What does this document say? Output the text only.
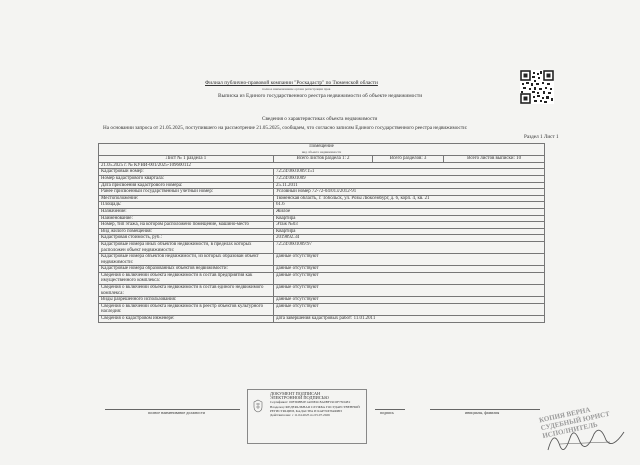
Филиал публично-правовой компании "Роскадастр" по Тюменской области
полное наименование органа регистрации прав
Выписка из Единого государственного реестра недвижимости об объекте недвижимости
Сведения о характеристиках объекта недвижимости
На основании запроса от 21.05.2025, поступившего на рассмотрение 21.05.2025, сообщаем, что согласно записям Единого государственного реестра недвижимости:
Раздел 1 Лист 1
Помещение
вид объекта недвижимости			

Лист № 1 раздела 1	Всего листов раздела 1: 2	Всего разделов: 3	Всего листов выписки: 10
21.05.2025 г. № КУВИ-001/2025-109600112			
Кадастровый номер:	72:24:0601009:151		
Номер кадастрового квартала:	72:24:0601009		
Дата присвоения кадастрового номера:	25.11.2011		
Ранее присвоенный государственный учетный номер:	Условный номер 72-72-04/013/2012-91		
Местоположение:	Тюменская область, г. Тобольск, ул. Розы Люксембург, д. 6, корп. 4, кв. 21		
Площадь:	61.6		
Назначение:	Жилое		
Наименование:	Квартира		
Номер, тип этажа, на котором расположено помещение, машино-место	Этаж №03		
Вид жилого помещения:	Квартира		
Кадастровая стоимость, руб.:	2019892.34		
Кадастровые номера иных объектов недвижимости, в пределах которых расположен объект недвижимости:	72:24:0601009:97		
Кадастровые номера объектов недвижимости, из которых образован объект недвижимости:	данные отсутствуют		
Кадастровые номера образованных объектов недвижимости:	данные отсутствуют		
Сведения о включении объекта недвижимости в состав предприятия как имущественного комплекса:	данные отсутствуют		
Сведения о включении объекта недвижимости в состав единого недвижимого комплекса:	данные отсутствуют		
Виды разрешенного использования:	данные отсутствуют		
Сведения о включении объекта недвижимости в реестр объектов культурного наследия:	данные отсутствуют		
Сведения о кадастровом инженере:	дата завершения кадастровых работ: 11.01.2011		
полное наименование должности
ДОКУМЕНТ ПОДПИСАН
ЭЛЕКТРОННОЙ ПОДПИСЬЮ
Сертификат: 00F3D8B2E1A09E4C8A0BF19C6F73D4E2
Владелец: ФЕДЕРАЛЬНАЯ СЛУЖБА ГОСУДАРСТВЕННОЙ
РЕГИСТРАЦИИ, КАДАСТРА И КАРТОГРАФИИ
Действителен: с 11.04.2025 по 05.07.2026
подпись	инициалы, фамилия	КОПИЯ ВЕРНА СУДЕБНЫЙ ЮРИСТ ИСПОЛНИТЕЛЬ
